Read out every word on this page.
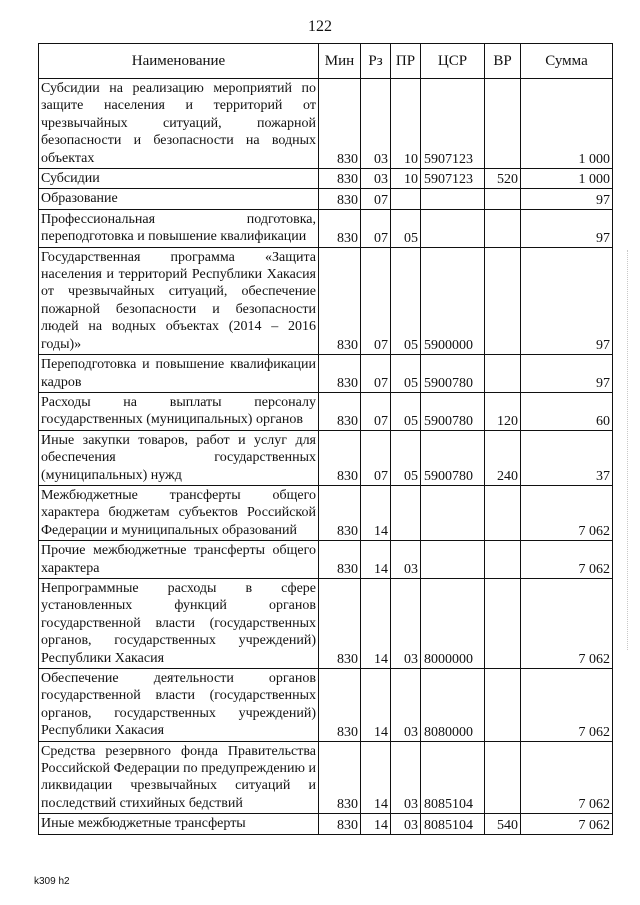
122
Наименование	Мин	Рз	ПР	ЦСР	ВР	Сумма
Субсидии на реализацию мероприятий по защите населения и территорий от чрезвычайных ситуаций, пожарной безопасности и безопасности на водных объектах	830	03	10	5907123		1 000
Субсидии	830	03	10	5907123	520	1 000
Образование	830	07				97
Профессиональная подготовка, переподготовка и повышение квалификации	830	07	05			97
Государственная программа «Защита населения и территорий Республики Хакасия от чрезвычайных ситуаций, обеспечение пожарной безопасности и безопасности людей на водных объектах (2014 – 2016 годы)»	830	07	05	5900000		97
Переподготовка и повышение квалификации кадров	830	07	05	5900780		97
Расходы на выплаты персоналу государственных (муниципальных) органов	830	07	05	5900780	120	60
Иные закупки товаров, работ и услуг для обеспечения государственных (муниципальных) нужд	830	07	05	5900780	240	37
Межбюджетные трансферты общего характера бюджетам субъектов Российской Федерации и муниципальных образований	830	14				7 062
Прочие межбюджетные трансферты общего характера	830	14	03			7 062
Непрограммные расходы в сфере установленных функций органов государственной власти (государственных органов, государственных учреждений) Республики Хакасия	830	14	03	8000000		7 062
Обеспечение деятельности органов государственной власти (государственных органов, государственных учреждений) Республики Хакасия	830	14	03	8080000		7 062
Средства резервного фонда Правительства Российской Федерации по предупреждению и ликвидации чрезвычайных ситуаций и последствий стихийных бедствий	830	14	03	8085104		7 062
Иные межбюджетные трансферты	830	14	03	8085104	540	7 062
k309 h2
